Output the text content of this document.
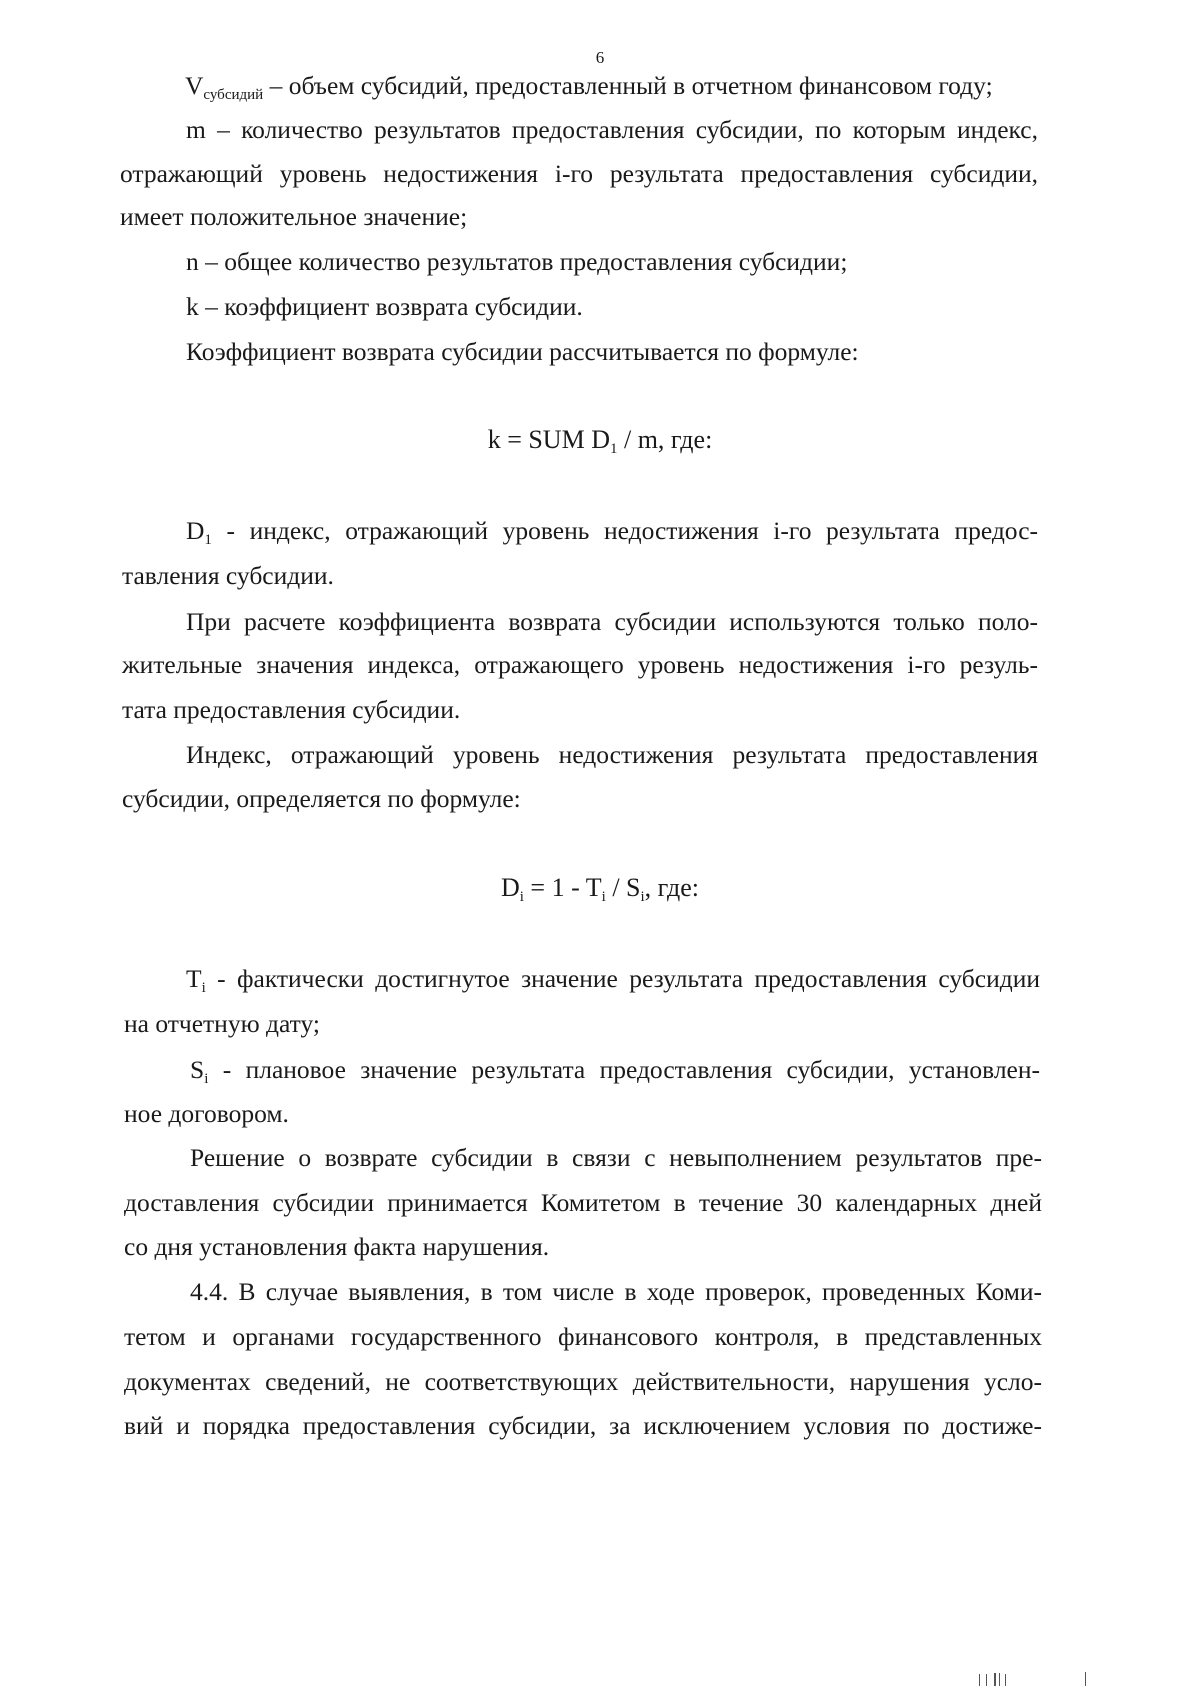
6
$V_{субсидий}$ – объем субсидий, предоставленный в отчетном финансовом году;
m – количество результатов предоставления субсидии, по которым индекс,
отражающий уровень недостижения i-го результата предоставления субсидии,
имеет положительное значение;
n – общее количество результатов предоставления субсидии;
k – коэффициент возврата субсидии.
Коэффициент возврата субсидии рассчитывается по формуле:
k = SUM $D_1$ / m, где:
$D_1$ - индекс, отражающий уровень недостижения i-го результата предос-
тавления субсидии.
При расчете коэффициента возврата субсидии используются только поло-
жительные значения индекса, отражающего уровень недостижения i-го резуль-
тата предоставления субсидии.
Индекс, отражающий уровень недостижения результата предоставления
субсидии, определяется по формуле:
$D_i = 1 - T_i / S_i$, где:
$T_i$ - фактически достигнутое значение результата предоставления субсидии
на отчетную дату;
$S_i$ - плановое значение результата предоставления субсидии, установлен-
ное договором.
Решение о возврате субсидии в связи с невыполнением результатов пре-
доставления субсидии принимается Комитетом в течение 30 календарных дней
со дня установления факта нарушения.
4.4. В случае выявления, в том числе в ходе проверок, проведенных Коми-
тетом и органами государственного финансового контроля, в представленных
документах сведений, не соответствующих действительности, нарушения усло-
вий и порядка предоставления субсидии, за исключением условия по достиже-
